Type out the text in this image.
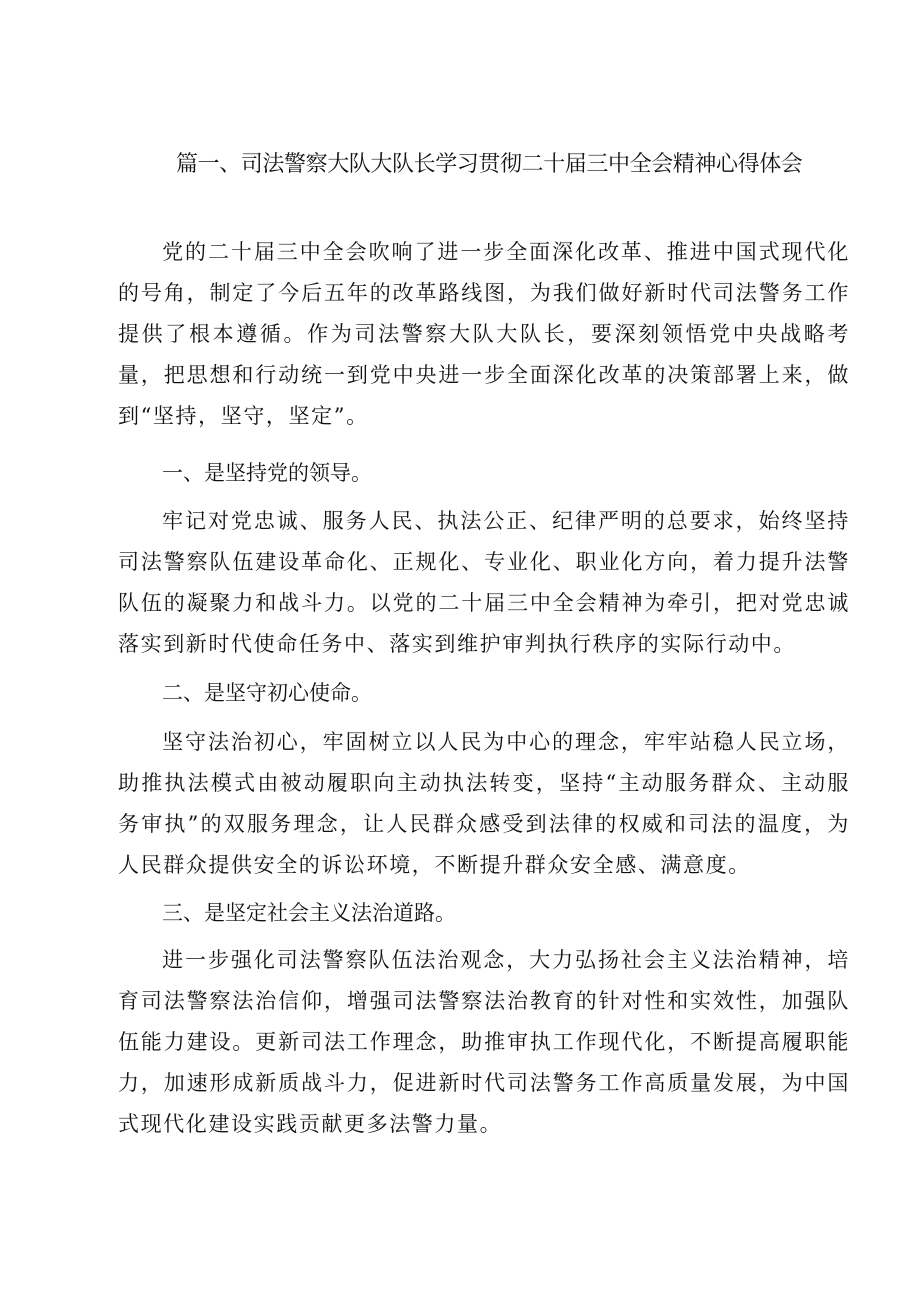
篇一、司法警察大队大队长学习贯彻二十届三中全会精神心得体会

党的二十届三中全会吹响了进一步全面深化改革、推进中国式现代化的号角，制定了今后五年的改革路线图，为我们做好新时代司法警务工作提供了根本遵循。作为司法警察大队大队长，要深刻领悟党中央战略考量，把思想和行动统一到党中央进一步全面深化改革的决策部署上来，做到“坚持，坚守，坚定”。

一、是坚持党的领导。

牢记对党忠诚、服务人民、执法公正、纪律严明的总要求，始终坚持司法警察队伍建设革命化、正规化、专业化、职业化方向，着力提升法警队伍的凝聚力和战斗力。以党的二十届三中全会精神为牵引，把对党忠诚落实到新时代使命任务中、落实到维护审判执行秩序的实际行动中。

二、是坚守初心使命。

坚守法治初心，牢固树立以人民为中心的理念，牢牢站稳人民立场，助推执法模式由被动履职向主动执法转变，坚持“主动服务群众、主动服务审执”的双服务理念，让人民群众感受到法律的权威和司法的温度，为人民群众提供安全的诉讼环境，不断提升群众安全感、满意度。

三、是坚定社会主义法治道路。

进一步强化司法警察队伍法治观念，大力弘扬社会主义法治精神，培育司法警察法治信仰，增强司法警察法治教育的针对性和实效性，加强队伍能力建设。更新司法工作理念，助推审执工作现代化，不断提高履职能力，加速形成新质战斗力，促进新时代司法警务工作高质量发展，为中国式现代化建设实践贡献更多法警力量。
